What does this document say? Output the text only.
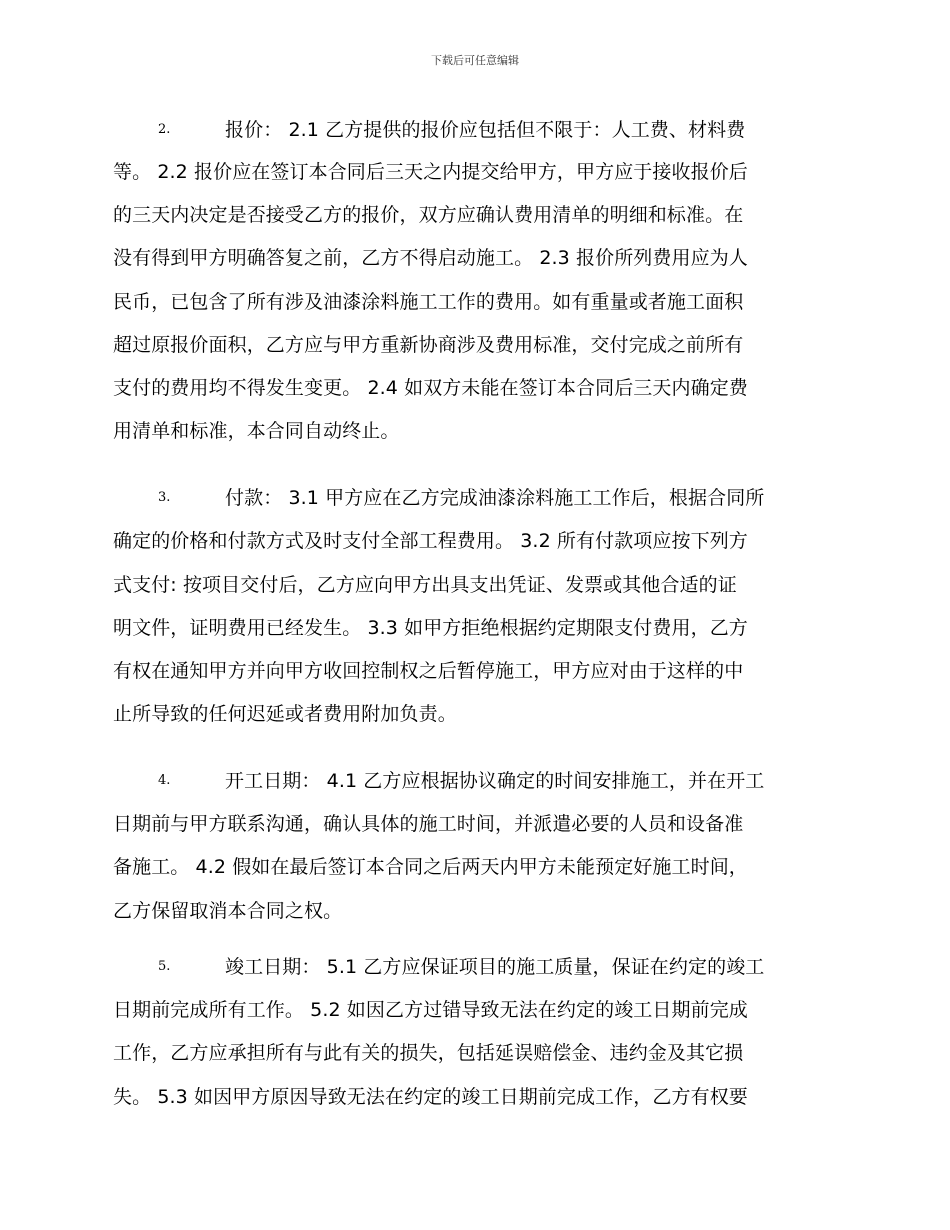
下载后可任意编辑
2.	报价： 2.1 乙方提供的报价应包括但不限于：人工费、材料费
等。 2.2 报价应在签订本合同后三天之内提交给甲方，甲方应于接收报价后
的三天内决定是否接受乙方的报价，双方应确认费用清单的明细和标准。在
没有得到甲方明确答复之前，乙方不得启动施工。 2.3 报价所列费用应为人
民币，已包含了所有涉及油漆涂料施工工作的费用。如有重量或者施工面积
超过原报价面积，乙方应与甲方重新协商涉及费用标准，交付完成之前所有
支付的费用均不得发生变更。 2.4 如双方未能在签订本合同后三天内确定费
用清单和标准，本合同自动终止。
3.	付款： 3.1 甲方应在乙方完成油漆涂料施工工作后，根据合同所
确定的价格和付款方式及时支付全部工程费用。 3.2 所有付款项应按下列方
式支付: 按项目交付后，乙方应向甲方出具支出凭证、发票或其他合适的证
明文件，证明费用已经发生。 3.3 如甲方拒绝根据约定期限支付费用，乙方
有权在通知甲方并向甲方收回控制权之后暂停施工，甲方应对由于这样的中
止所导致的任何迟延或者费用附加负责。
4.	开工日期： 4.1 乙方应根据协议确定的时间安排施工，并在开工
日期前与甲方联系沟通，确认具体的施工时间，并派遣必要的人员和设备准
备施工。 4.2 假如在最后签订本合同之后两天内甲方未能预定好施工时间，
乙方保留取消本合同之权。
5.	竣工日期： 5.1 乙方应保证项目的施工质量，保证在约定的竣工
日期前完成所有工作。 5.2 如因乙方过错导致无法在约定的竣工日期前完成
工作，乙方应承担所有与此有关的损失，包括延误赔偿金、违约金及其它损
失。 5.3 如因甲方原因导致无法在约定的竣工日期前完成工作，乙方有权要
